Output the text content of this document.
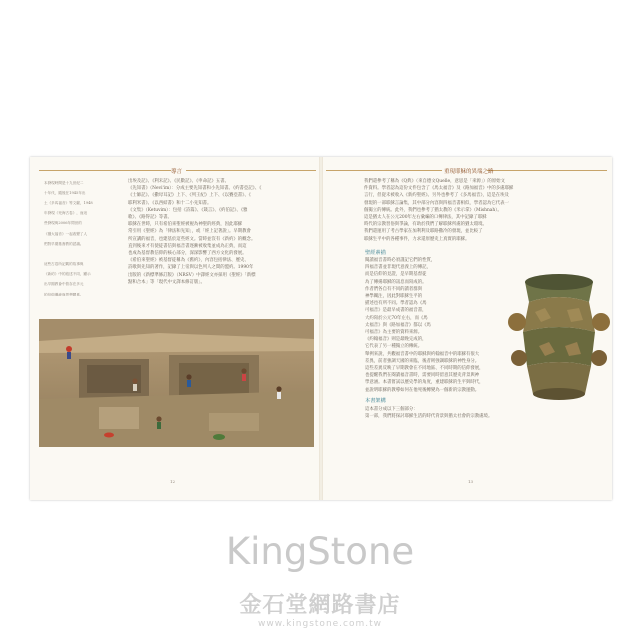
導言

本發現時間是十九世紀二

十年代，隨後在1945年出

土《多馬福音》等文獻，1948

年發現《死海古卷》，而這

些發現與2006年問世的

《猶大福音》一起改變了人

們對早期基督教的認識。

這些古卷所記載的故事與

《新約》中的敘述不同，顯示

出早期教會中曾存在多元

的信仰傳統與思想體系。

出埃及記》、《利未記》、《民數記》、《申命記》五書。

《先知書》（Nevi'im）：分成主要先知書和小先知書。《約書亞記》、《

《士師記》、《撒母耳記》上下、《列王紀》上下、《以賽亞書》、《

耶利米書》、《以西結書》和十二小先知書。

《文集》（Ketuvim）：包括《詩篇》、《箴言》、《約伯記》、《雅

歌》、《路得記》等書。

耶穌在世時，只有希伯來聖經被視為神聖的經典，因此耶穌

常引用《聖經》為「律法和先知」，或「經上記著說」。早期教會

所宣講的福音，也建基於這些經文。當時並沒有《新約》的概念。

直到後來才有使徒書信與福音書逐漸被收集並成為正典，而這

也成為基督教信仰的核心部分，深深影響了西方文化的發展。

《希伯來聖經》被基督徒稱為《舊約》，內容包括律法、歷史、

詩歌與先知的著作，記錄了上帝與以色列人之間的盟約。1990年

出版的《新標準修訂版》（NRSV）中譯經文亦採用《聖經》「新標

點和合本」等「現代中文譯本修訂版」。

12
重現耶穌的異端之路

我們還參考了稱為《Q典》（來自德文Quelle，意思是「來源」）的原始文

件資料。學者認為這份文件包含了《馬太福音》及《路加福音》中的多處耶穌

言行，但從未被收入《新約聖經》。另外也參考了《多馬福音》，這是在埃及

發現的一部耶穌言論集，其中部分內容與四福音書相似，學者認為它代表一

個獨立的傳統。此外，我們也參考了猶太教的《米示拿》（Mishnah）。

這是猶太人在公元200年左右彙編的口傳律法，其中記錄了耶穌

時代的宗教習俗與爭論，有助於我們了解耶穌所處的猶太環境。

我們還運用了考古學家在加利利及耶路撒冷的發現，並比較了

耶穌生平中的各種事件，力求還原歷史上真實的耶穌。

聖經素描

閱讀福音書時必須謹記它們的性質，

四福音書並非現代意義上的傳記，

而是信仰的見證，是早期基督徒

為了傳揚耶穌的訊息而寫成的。

作者們各自有不同的讀者群與

神學關注，因此對耶穌生平的

描述也有所不同。學者認為《馬

可福音》是最早成書的福音書，

大約寫於公元70年左右，而《馬

太福音》與《路加福音》都以《馬

可福音》為主要的資料來源。

《約翰福音》則是最晚完成的，

它代表了另一種獨立的傳統。

舉例來說，共觀福音書中的耶穌與約翰福音中的耶穌有很大

差異，前者強調天國的來臨，後者則強調耶穌的神性身分。

這些差異反映了早期教會在不同地區、不同時期的信仰發展，

也提醒我們在閱讀福音書時，需要同時留意其歷史背景與神

學意涵。本書嘗試以歷史學的角度，重建耶穌的生平與時代，

並說明耶穌的教導如何在他死後轉變為一個新的宗教運動。

本書架構

這本書分成以下三個部分：

第一部，我們將探討耶穌生活的時代背景與猶太社會的宗教處境。

13
KingStone
金石堂網路書店
www.kingstone.com.tw
